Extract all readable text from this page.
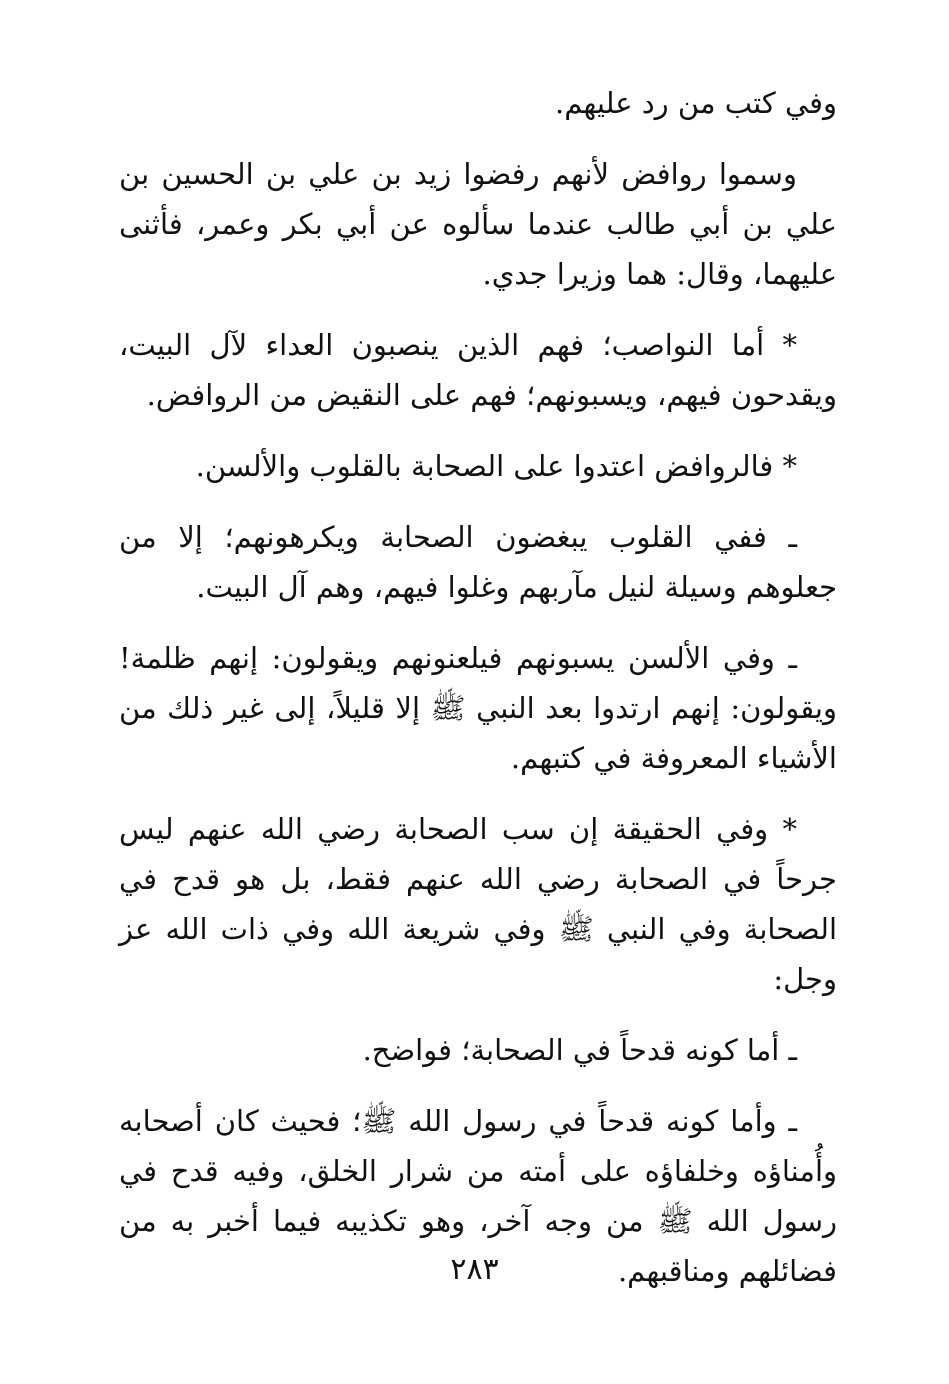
وفي كتب من رد عليهم.

وسموا روافض لأنهم رفضوا زيد بن علي بن الحسين بن علي بن أبي طالب عندما سألوه عن أبي بكر وعمر، فأثنى عليهما، وقال: هما وزيرا جدي.

* أما النواصب؛ فهم الذين ينصبون العداء لآل البيت، ويقدحون فيهم، ويسبونهم؛ فهم على النقيض من الروافض.

* فالروافض اعتدوا على الصحابة بالقلوب والألسن.

ـ ففي القلوب يبغضون الصحابة ويكرهونهم؛ إلا من جعلوهم وسيلة لنيل مآربهم وغلوا فيهم، وهم آل البيت.

ـ وفي الألسن يسبونهم فيلعنونهم ويقولون: إنهم ظلمة! ويقولون: إنهم ارتدوا بعد النبي ﷺ إلا قليلاً، إلى غير ذلك من الأشياء المعروفة في كتبهم.

* وفي الحقيقة إن سب الصحابة رضي الله عنهم ليس جرحاً في الصحابة رضي الله عنهم فقط، بل هو قدح في الصحابة وفي النبي ﷺ وفي شريعة الله وفي ذات الله عز وجل:

ـ أما كونه قدحاً في الصحابة؛ فواضح.

ـ وأما كونه قدحاً في رسول الله ﷺ؛ فحيث كان أصحابه وأُمناؤه وخلفاؤه على أمته من شرار الخلق، وفيه قدح في رسول الله ﷺ من وجه آخر، وهو تكذيبه فيما أخبر به من فضائلهم ومناقبهم.

٢٨٣
